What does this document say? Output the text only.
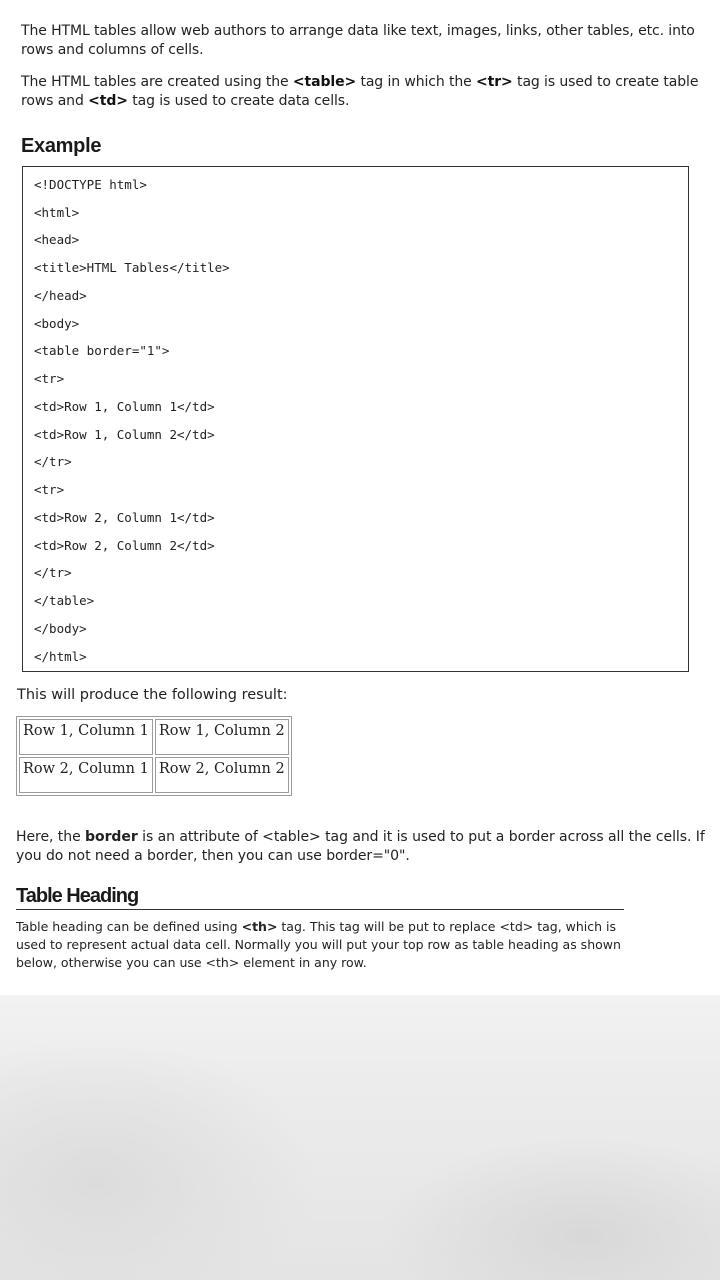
The HTML tables allow web authors to arrange data like text, images, links, other tables, etc. into rows and columns of cells.

The HTML tables are created using the <table> tag in which the <tr> tag is used to create table rows and <td> tag is used to create data cells.

Example
<!DOCTYPE html>
<html>
<head>
<title>HTML Tables</title>
</head>
<body>
<table border="1">
<tr>
<td>Row 1, Column 1</td>
<td>Row 1, Column 2</td>
</tr>
<tr>
<td>Row 2, Column 1</td>
<td>Row 2, Column 2</td>
</tr>
</table>
</body>
</html>

This will produce the following result:

Row 1, Column 1	Row 1, Column 2
Row 2, Column 1	Row 2, Column 2

Here, the border is an attribute of <table> tag and it is used to put a border across all the cells. If you do not need a border, then you can use border="0".

Table Heading

Table heading can be defined using <th> tag. This tag will be put to replace <td> tag, which is used to represent actual data cell. Normally you will put your top row as table heading as shown below, otherwise you can use <th> element in any row.
